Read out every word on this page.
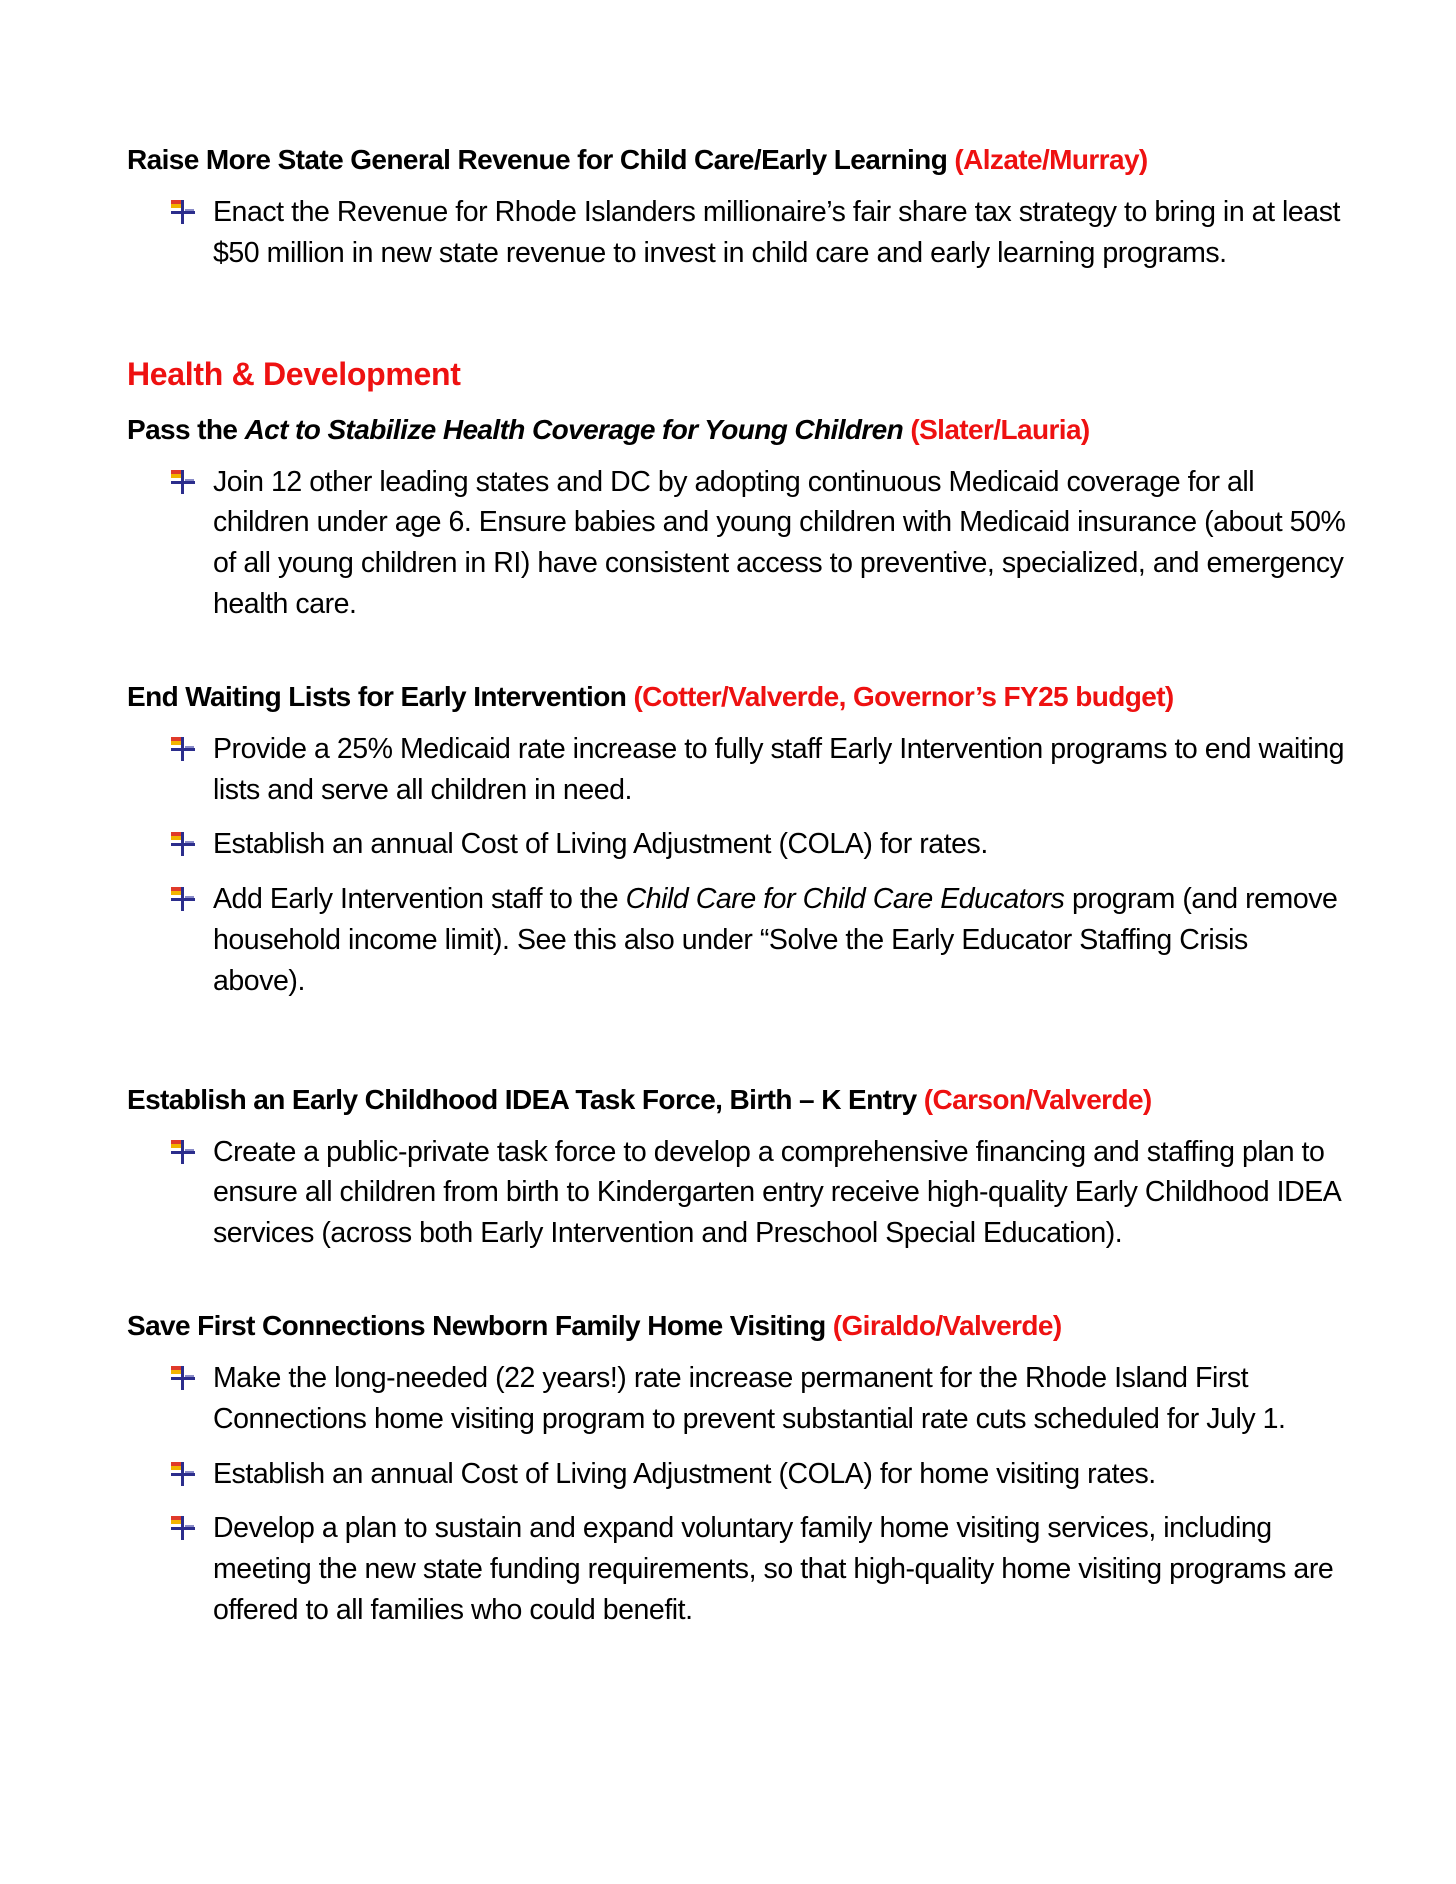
Raise More State General Revenue for Child Care/Early Learning (Alzate/Murray)

Enact the Revenue for Rhode Islanders millionaire’s fair share tax strategy to bring in at least $50 million in new state revenue to invest in child care and early learning programs.
Health & Development

Pass the Act to Stabilize Health Coverage for Young Children (Slater/Lauria)

Join 12 other leading states and DC by adopting continuous Medicaid coverage for all children under age 6. Ensure babies and young children with Medicaid insurance (about 50% of all young children in RI) have consistent access to preventive, specialized, and emergency health care.

End Waiting Lists for Early Intervention (Cotter/Valverde, Governor’s FY25 budget)

Provide a 25% Medicaid rate increase to fully staff Early Intervention programs to end waiting lists and serve all children in need.
Establish an annual Cost of Living Adjustment (COLA) for rates.
Add Early Intervention staff to the Child Care for Child Care Educators program (and remove household income limit). See this also under “Solve the Early Educator Staffing Crisis above).

Establish an Early Childhood IDEA Task Force, Birth – K Entry (Carson/Valverde)

Create a public-private task force to develop a comprehensive financing and staffing plan to ensure all children from birth to Kindergarten entry receive high-quality Early Childhood IDEA services (across both Early Intervention and Preschool Special Education).

Save First Connections Newborn Family Home Visiting (Giraldo/Valverde)

Make the long-needed (22 years!) rate increase permanent for the Rhode Island First Connections home visiting program to prevent substantial rate cuts scheduled for July 1.
Establish an annual Cost of Living Adjustment (COLA) for home visiting rates.
Develop a plan to sustain and expand voluntary family home visiting services, including meeting the new state funding requirements, so that high-quality home visiting programs are offered to all families who could benefit.
